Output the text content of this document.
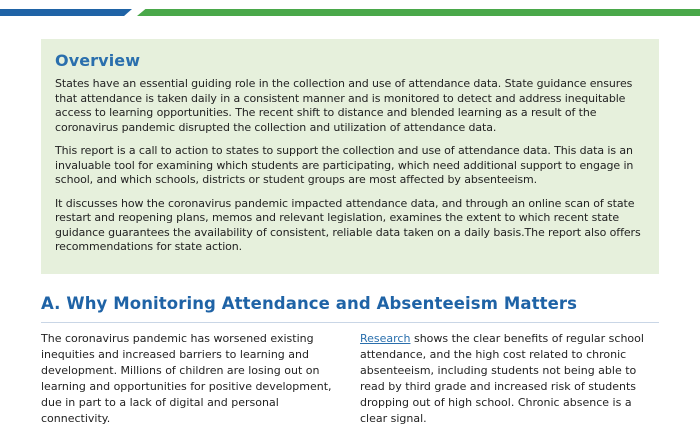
Overview

States have an essential guiding role in the collection and use of attendance data. State guidance ensures that attendance is taken daily in a consistent manner and is monitored to detect and address inequitable access to learning opportunities. The recent shift to distance and blended learning as a result of the coronavirus pandemic disrupted the collection and utilization of attendance data.

This report is a call to action to states to support the collection and use of attendance data. This data is an invaluable tool for examining which students are participating, which need additional support to engage in school, and which schools, districts or student groups are most affected by absenteeism.

It discusses how the coronavirus pandemic impacted attendance data, and through an online scan of state restart and reopening plans, memos and relevant legislation, examines the extent to which recent state guidance guarantees the availability of consistent, reliable data taken on a daily basis.The report also offers recommendations for state action.

A. Why Monitoring Attendance and Absenteeism Matters
The coronavirus pandemic has worsened existing inequities and increased barriers to learning and development. Millions of children are losing out on learning and opportunities for positive development, due in part to a lack of digital and personal connectivity.
Research shows the clear benefits of regular school attendance, and the high cost related to chronic absenteeism, including students not being able to read by third grade and increased risk of students dropping out of high school. Chronic absence is a clear signal.
